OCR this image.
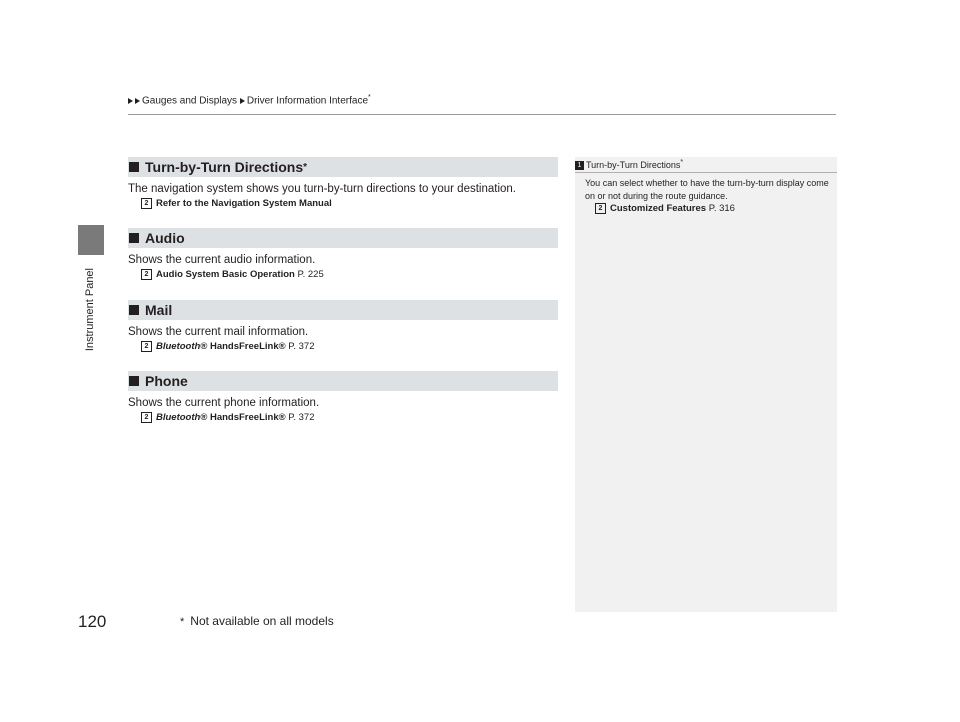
Instrument Panel
120
Gauges and Displays Driver Information Interface*
Turn-by-Turn Directions *
The navigation system shows you turn-by-turn directions to your destination.
2 Refer to the Navigation System Manual
Audio
Shows the current audio information.
2 Audio System Basic Operation P. 225
Mail
Shows the current mail information.
2 Bluetooth® HandsFreeLink® P. 372
Phone
Shows the current phone information.
2 Bluetooth® HandsFreeLink® P. 372
1 Turn-by-Turn Directions*
You can select whether to have the turn-by-turn display come on or not during the route guidance.
2 Customized Features P. 316
* Not available on all models
